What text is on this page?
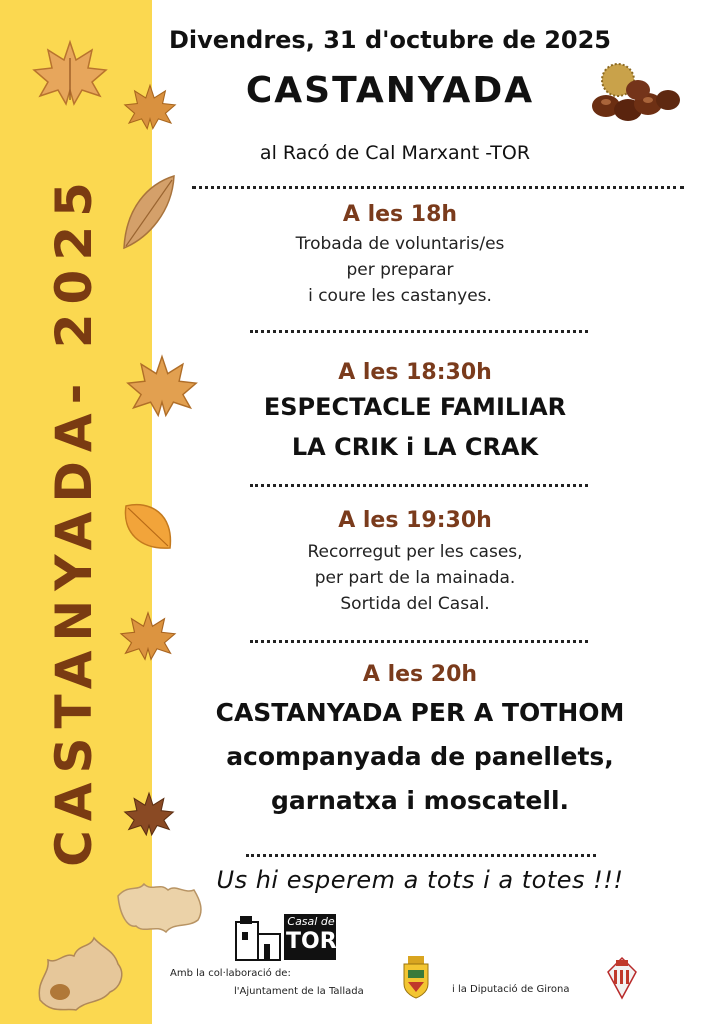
CASTANYADA- 2025
Divendres, 31 d'octubre de 2025
CASTANYADA
al Racó de Cal Marxant -TOR
A les 18h
Trobada de voluntaris/es
per preparar
i coure les castanyes.
A les 18:30h
ESPECTACLE FAMILIAR
LA CRIK i LA CRAK
A les 19:30h
Recorregut per les cases,
per part de la mainada.
Sortida del Casal.
A les 20h
CASTANYADA PER A TOTHOM
acompanyada de panellets,
garnatxa i moscatell.
Us hi esperem a tots i a totes !!!
Casal de
TOR
Amb la col·laboració de:
l'Ajuntament de la Tallada	i la Diputació de Girona
